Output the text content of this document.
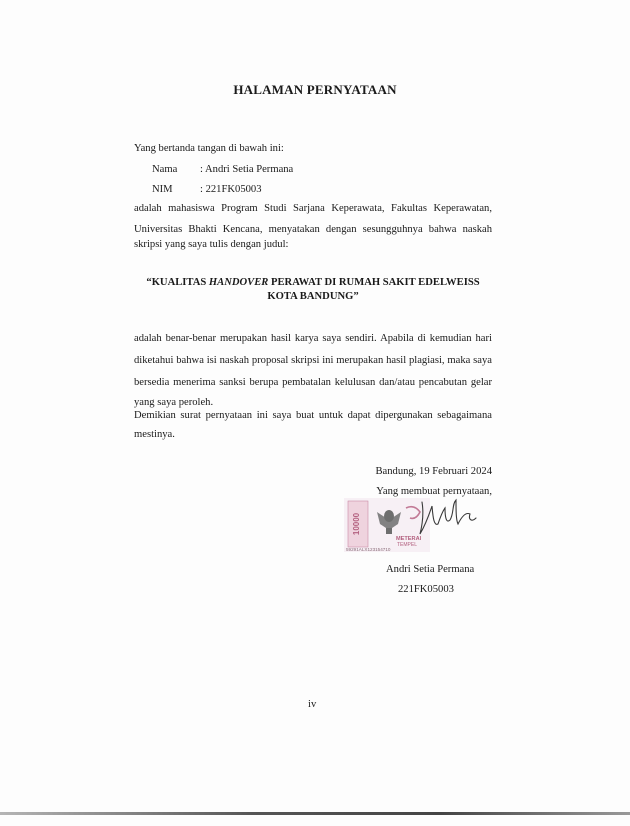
HALAMAN PERNYATAAN
Yang bertanda tangan di bawah ini:
Nama : Andri Setia Permana
NIM	: 221FK05003
adalah mahasiswa Program Studi Sarjana Keperawata, Fakultas Keperawatan,
Universitas Bhakti Kencana, menyatakan dengan sesungguhnya bahwa naskah
skripsi yang saya tulis dengan judul:
“KUALITAS HANDOVER PERAWAT DI RUMAH SAKIT EDELWEISS
KOTA BANDUNG”
adalah benar-benar merupakan hasil karya saya sendiri. Apabila di kemudian hari
diketahui bahwa isi naskah proposal skripsi ini merupakan hasil plagiasi, maka saya
bersedia menerima sanksi berupa pembatalan kelulusan dan/atau pencabutan gelar
yang saya peroleh.
Demikian surat pernyataan ini saya buat untuk dapat dipergunakan sebagaimana
mestinya.
Bandung, 19 Februari 2024
Yang membuat pernyataan,
10000
METERAI
TEMPEL
59291ALX123154710
Andri Setia Permana
221FK05003
iv
